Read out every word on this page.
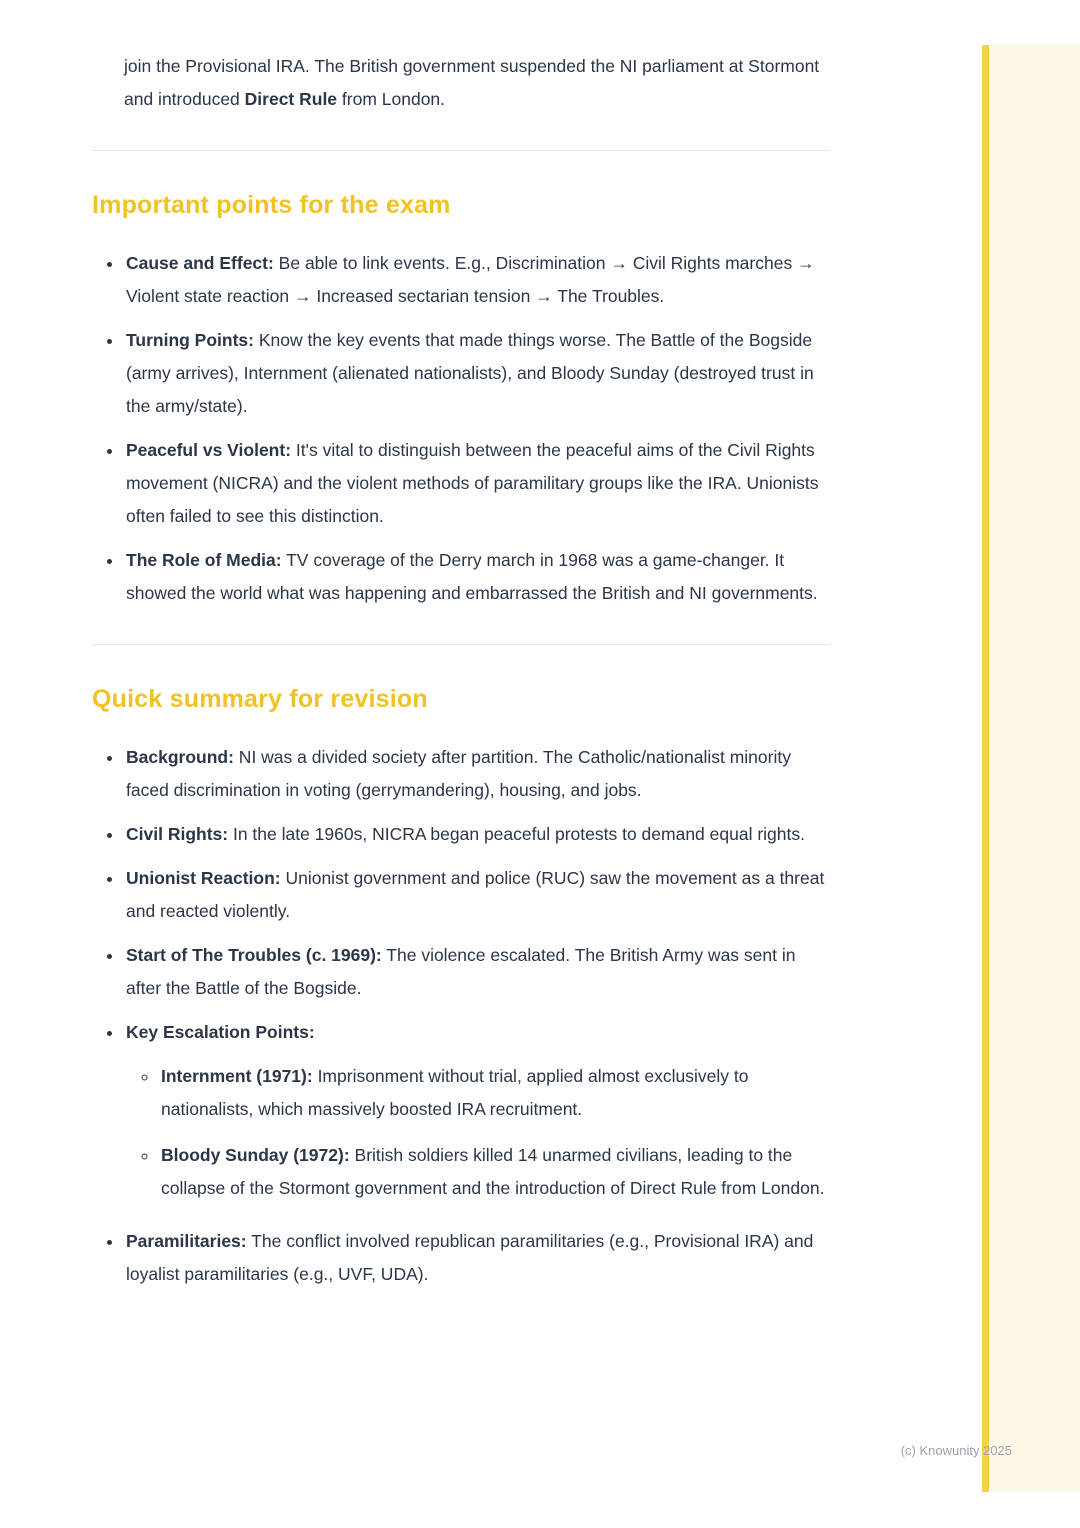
join the Provisional IRA. The British government suspended the NI parliament at Stormont and introduced Direct Rule from London.

Important points for the exam
• Cause and Effect: Be able to link events. E.g., Discrimination → Civil Rights marches → Violent state reaction → Increased sectarian tension → The Troubles.
• Turning Points: Know the key events that made things worse. The Battle of the Bogside (army arrives), Internment (alienated nationalists), and Bloody Sunday (destroyed trust in the army/state).
• Peaceful vs Violent: It's vital to distinguish between the peaceful aims of the Civil Rights movement (NICRA) and the violent methods of paramilitary groups like the IRA. Unionists often failed to see this distinction.
• The Role of Media: TV coverage of the Derry march in 1968 was a game-changer. It showed the world what was happening and embarrassed the British and NI governments.
Quick summary for revision
• Background: NI was a divided society after partition. The Catholic/nationalist minority faced discrimination in voting (gerrymandering), housing, and jobs.
• Civil Rights: In the late 1960s, NICRA began peaceful protests to demand equal rights.
• Unionist Reaction: Unionist government and police (RUC) saw the movement as a threat and reacted violently.
• Start of The Troubles (c. 1969): The violence escalated. The British Army was sent in after the Battle of the Bogside.
• Key Escalation Points:
◦ Internment (1971): Imprisonment without trial, applied almost exclusively to nationalists, which massively boosted IRA recruitment.
◦ Bloody Sunday (1972): British soldiers killed 14 unarmed civilians, leading to the collapse of the Stormont government and the introduction of Direct Rule from London.
• Paramilitaries: The conflict involved republican paramilitaries (e.g., Provisional IRA) and loyalist paramilitaries (e.g., UVF, UDA).
(c) Knowunity 2025
